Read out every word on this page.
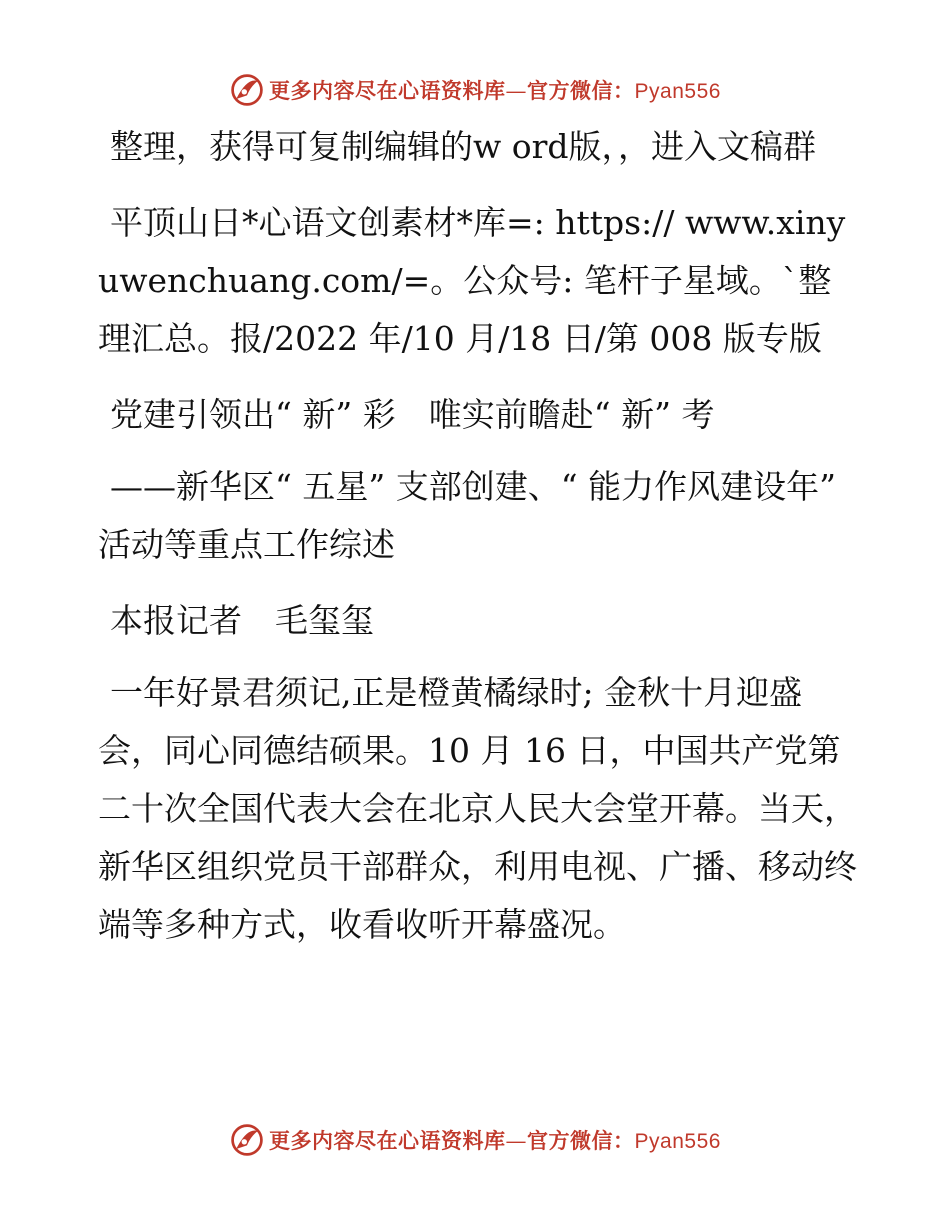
更多内容尽在心语资料库—官方微信：Pyan556

整理，获得可复制编辑的w ord版，，进入文稿群

平顶山日*心语文创素材*库=: https:// www.xinyuwenchuang.com/=。公众号: 笔杆子星域。`整理汇总。报/2022 年/10 月/18 日/第 008 版专版

党建引领出“ 新” 彩　唯实前瞻赴“ 新” 考

——新华区“ 五星” 支部创建、“ 能力作风建设年” 活动等重点工作综述

本报记者　毛玺玺

一年好景君须记,正是橙黄橘绿时; 金秋十月迎盛会，同心同德结硕果。10 月 16 日，中国共产党第二十次全国代表大会在北京人民大会堂开幕。当天，新华区组织党员干部群众，利用电视、广播、移动终端等多种方式，收看收听开幕盛况。

更多内容尽在心语资料库—官方微信：Pyan556
